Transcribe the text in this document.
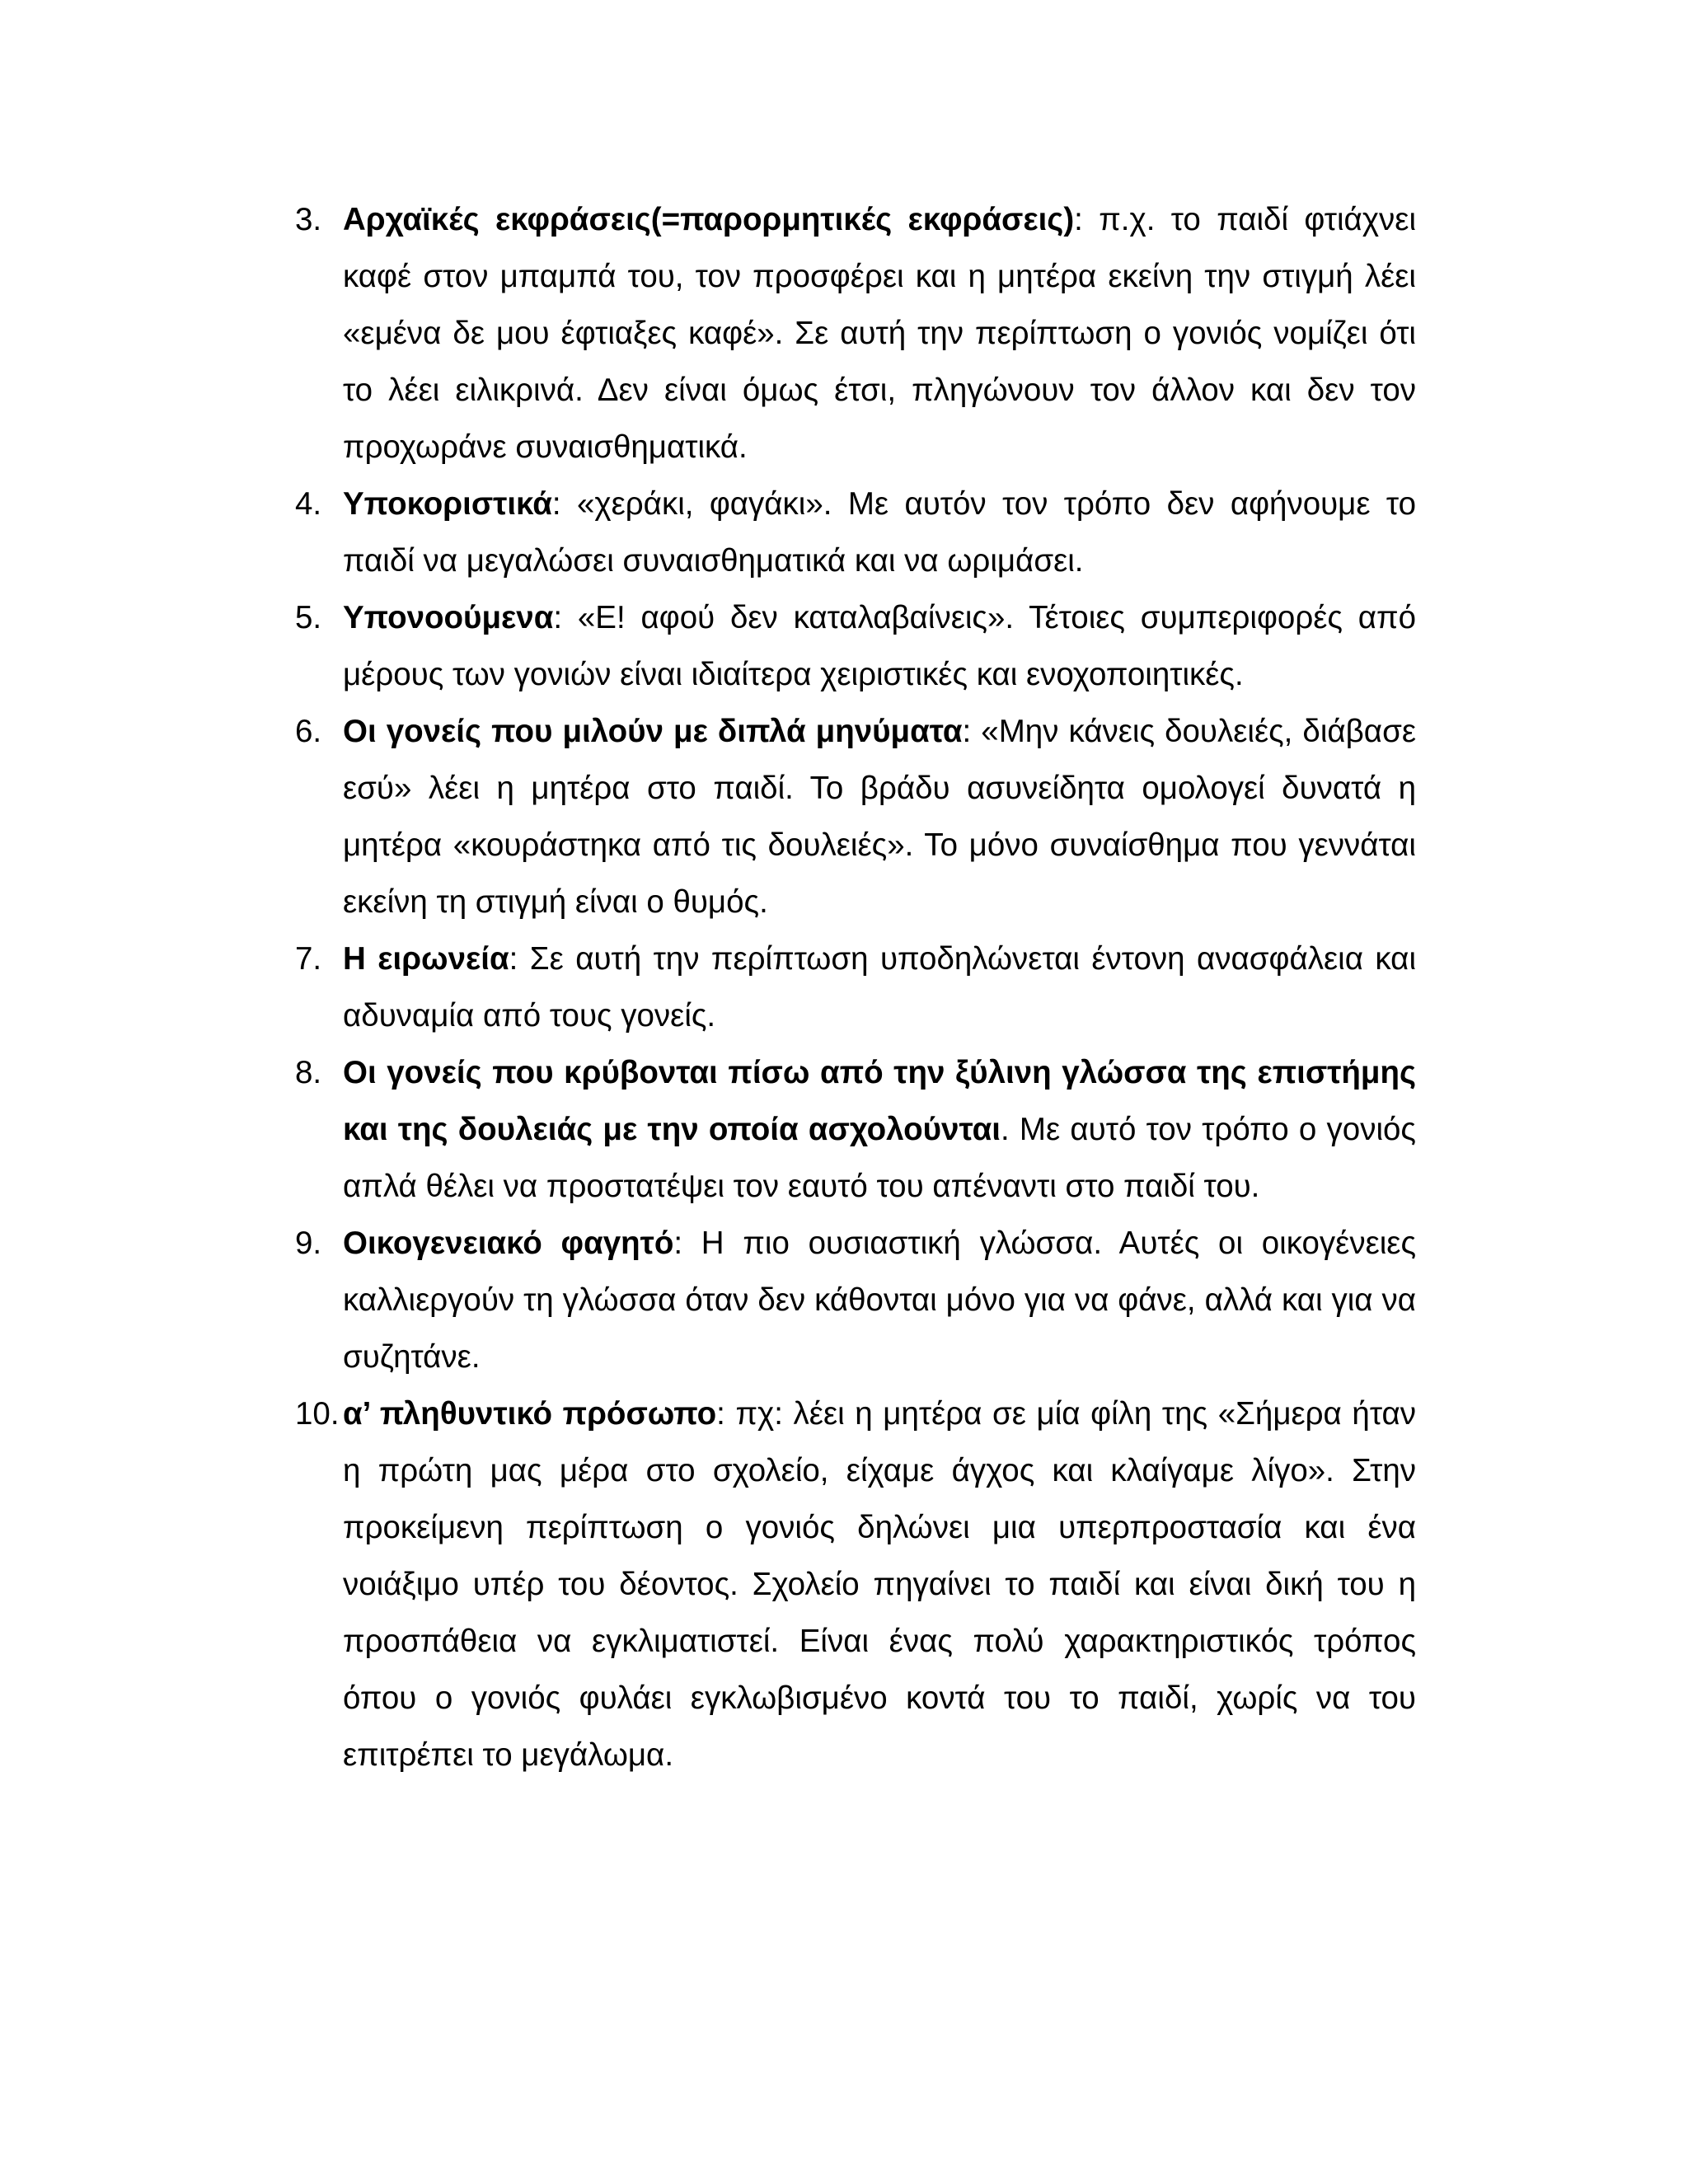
3. Αρχαϊκές εκφράσεις(=παρορμητικές εκφράσεις): π.χ. το παιδί φτιάχνει καφέ στον μπαμπά του, τον προσφέρει και η μητέρα εκείνη την στιγμή λέει «εμένα δε μου έφτιαξες καφέ». Σε αυτή την περίπτωση ο γονιός νομίζει ότι το λέει ειλικρινά. Δεν είναι όμως έτσι, πληγώνουν τον άλλον και δεν τον προχωράνε συναισθηματικά.
4. Υποκοριστικά: «χεράκι, φαγάκι». Με αυτόν τον τρόπο δεν αφήνουμε το παιδί να μεγαλώσει συναισθηματικά και να ωριμάσει.
5. Υπονοούμενα: «Ε! αφού δεν καταλαβαίνεις». Τέτοιες συμπεριφορές από μέρους των γονιών είναι ιδιαίτερα χειριστικές και ενοχοποιητικές.
6. Οι γονείς που μιλούν με διπλά μηνύματα: «Μην κάνεις δουλειές, διάβασε εσύ» λέει η μητέρα στο παιδί. Το βράδυ ασυνείδητα ομολογεί δυνατά η μητέρα «κουράστηκα από τις δουλειές». Το μόνο συναίσθημα που γεννάται εκείνη τη στιγμή είναι ο θυμός.
7. Η ειρωνεία: Σε αυτή την περίπτωση υποδηλώνεται έντονη ανασφάλεια και αδυναμία από τους γονείς.
8. Οι γονείς που κρύβονται πίσω από την ξύλινη γλώσσα της επιστήμης και της δουλειάς με την οποία ασχολούνται. Με αυτό τον τρόπο ο γονιός απλά θέλει να προστατέψει τον εαυτό του απέναντι στο παιδί του.
9. Οικογενειακό φαγητό: Η πιο ουσιαστική γλώσσα. Αυτές οι οικογένειες καλλιεργούν τη γλώσσα όταν δεν κάθονται μόνο για να φάνε, αλλά και για να συζητάνε.
10. α’ πληθυντικό πρόσωπο: πχ: λέει η μητέρα σε μία φίλη της «Σήμερα ήταν η πρώτη μας μέρα στο σχολείο, είχαμε άγχος και κλαίγαμε λίγο». Στην προκείμενη περίπτωση ο γονιός δηλώνει μια υπερπροστασία και ένα νοιάξιμο υπέρ του δέοντος. Σχολείο πηγαίνει το παιδί και είναι δική του η προσπάθεια να εγκλιματιστεί. Είναι ένας πολύ χαρακτηριστικός τρόπος όπου ο γονιός φυλάει εγκλωβισμένο κοντά του το παιδί, χωρίς να του επιτρέπει το μεγάλωμα.
